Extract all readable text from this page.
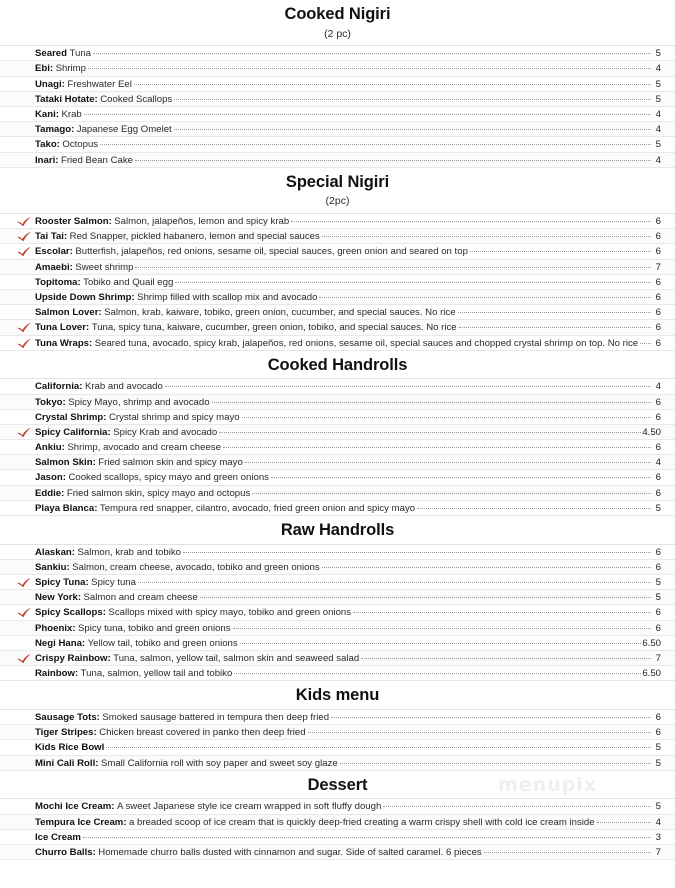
Cooked Nigiri
(2 pc)
Seared Tuna	5
Ebi: Shrimp	4
Unagi: Freshwater Eel	5
Tataki Hotate: Cooked Scallops	5
Kani: Krab	4
Tamago: Japanese Egg Omelet	4
Tako: Octopus	5
Inari: Fried Bean Cake	4
Special Nigiri
(2pc)
Rooster Salmon: Salmon, jalapeños, lemon and spicy krab	6
Tai Tai: Red Snapper, pickled habanero, lemon and special sauces	6
Escolar: Butterfish, jalapeños, red onions, sesame oil, special sauces, green onion and seared on top	6
Amaebi: Sweet shrimp	7
Topitoma: Tobiko and Quail egg	6
Upside Down Shrimp: Shrimp filled with scallop mix and avocado	6
Salmon Lover: Salmon, krab, kaiware, tobiko, green onion, cucumber, and special sauces. No rice	6
Tuna Lover: Tuna, spicy tuna, kaiware, cucumber, green onion, tobiko, and special sauces. No rice	6
Tuna Wraps: Seared tuna, avocado, spicy krab, jalapeños, red onions, sesame oil, special sauces and chopped crystal shrimp on top. No rice	6
Cooked Handrolls
California: Krab and avocado	4
Tokyo: Spicy Mayo, shrimp and avocado	6
Crystal Shrimp: Crystal shrimp and spicy mayo	6
Spicy California: Spicy Krab and avocado	4.50
Ankiu: Shrimp, avocado and cream cheese	6
Salmon Skin: Fried salmon skin and spicy mayo	4
Jason: Cooked scallops, spicy mayo and green onions	6
Eddie: Fried salmon skin, spicy mayo and octopus	6
Playa Blanca: Tempura red snapper, cilantro, avocado, fried green onion and spicy mayo	5
Raw Handrolls
Alaskan: Salmon, krab and tobiko	6
Sankiu: Salmon, cream cheese, avocado, tobiko and green onions	6
Spicy Tuna: Spicy tuna	5
New York: Salmon and cream cheese	5
Spicy Scallops: Scallops mixed with spicy mayo, tobiko and green onions	6
Phoenix: Spicy tuna, tobiko and green onions	6
Negi Hana: Yellow tail, tobiko and green onions	6.50
Crispy Rainbow: Tuna, salmon, yellow tail, salmon skin and seaweed salad	7
Rainbow: Tuna, salmon, yellow tail and tobiko	6.50
Kids menu
Sausage Tots: Smoked sausage battered in tempura then deep fried	6
Tiger Stripes: Chicken breast covered in panko then deep fried	6
Kids Rice Bowl	5
Mini Cali Roll: Small California roll with soy paper and sweet soy glaze	5
Dessert
Mochi Ice Cream: A sweet Japanese style ice cream wrapped in soft fluffy dough	5
Tempura Ice Cream: a breaded scoop of ice cream that is quickly deep-fried creating a warm crispy shell with cold ice cream inside	4
Ice Cream	3
Churro Balls: Homemade churro balls dusted with cinnamon and sugar. Side of salted caramel. 6 pieces	7
menupix
